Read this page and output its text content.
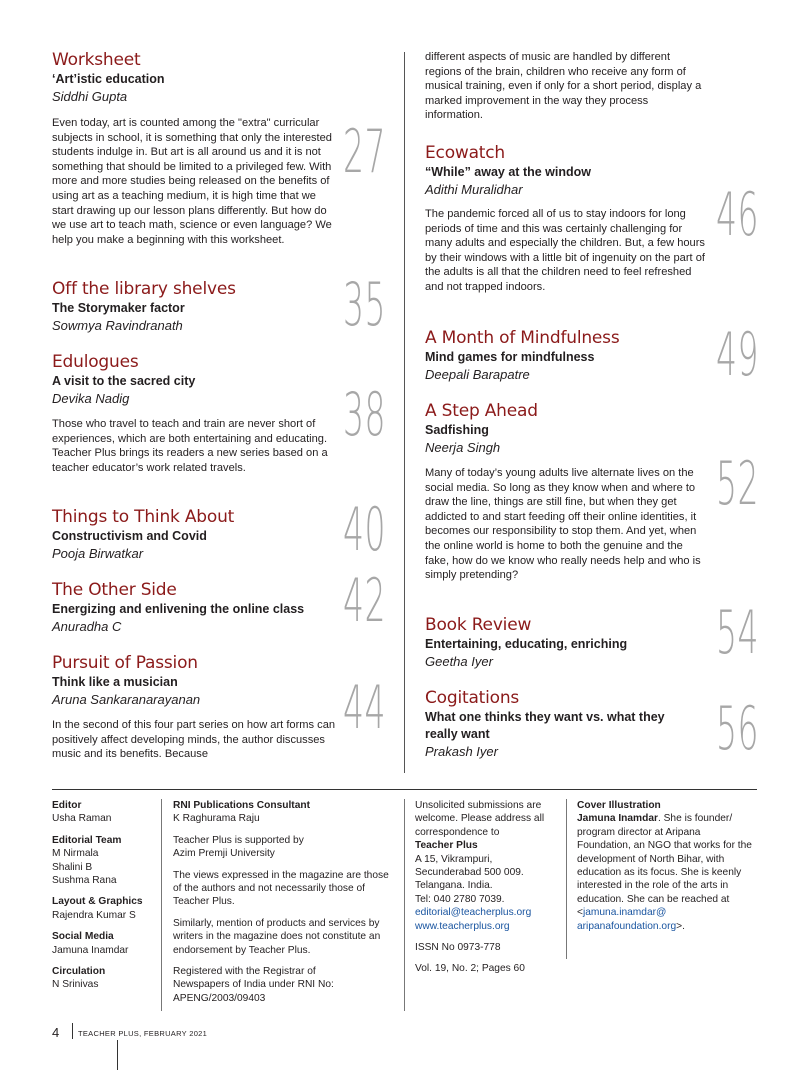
Worksheet
‘Art’istic education
Siddhi Gupta
Even today, art is counted among the "extra" curricular subjects in school, it is something that only the interested students indulge in. But art is all around us and it is not something that should be limited to a privileged few. With more and more studies being released on the benefits of using art as a teaching medium, it is high time that we start drawing up our lesson plans differently. But how do we use art to teach math, science or even language? We help you make a beginning with this worksheet.
Off the library shelves
The Storymaker factor
Sowmya Ravindranath
Edulogues
A visit to the sacred city
Devika Nadig
Those who travel to teach and train are never short of experiences, which are both entertaining and educating. Teacher Plus brings its readers a new series based on a teacher educator’s work related travels.
Things to Think About
Constructivism and Covid
Pooja Birwatkar
The Other Side
Energizing and enlivening the online class
Anuradha C
Pursuit of Passion
Think like a musician
Aruna Sankaranarayanan
In the second of this four part series on how art forms can positively affect developing minds, the author discusses music and its benefits. Because
27
35
38
40
42
44
different aspects of music are handled by different regions of the brain, children who receive any form of musical training, even if only for a short period, display a marked improvement in the way they process information.
Ecowatch
“While” away at the window
Adithi Muralidhar
The pandemic forced all of us to stay indoors for long periods of time and this was certainly challenging for many adults and especially the children. But, a few hours by their windows with a little bit of ingenuity on the part of the adults is all that the children need to feel refreshed and not trapped indoors.
A Month of Mindfulness
Mind games for mindfulness
Deepali Barapatre
A Step Ahead
Sadfishing
Neerja Singh
Many of today’s young adults live alternate lives on the social media. So long as they know when and where to draw the line, things are still fine, but when they get addicted to and start feeding off their online identities, it becomes our responsibility to stop them. And yet, when the online world is home to both the genuine and the fake, how do we know who really needs help and who is simply pretending?
Book Review
Entertaining, educating, enriching
Geetha Iyer
Cogitations
What one thinks they want vs. what they really want
Prakash Iyer
46
49
52
54
56
Editor
Usha Raman
Editorial Team
M Nirmala
Shalini B
Sushma Rana
Layout & Graphics
Rajendra Kumar S
Social Media
Jamuna Inamdar
Circulation
N Srinivas
RNI Publications Consultant
K Raghurama Raju
Teacher Plus is supported by Azim Premji University
The views expressed in the magazine are those of the authors and not necessarily those of Teacher Plus.
Similarly, mention of products and services by writers in the magazine does not constitute an endorsement by Teacher Plus.
Registered with the Registrar of Newspapers of India under RNI No: APENG/2003/09403
Unsolicited submissions are welcome. Please address all correspondence to
Teacher Plus
A 15, Vikrampuri,
Secunderabad 500 009.
Telangana. India.
Tel: 040 2780 7039.
editorial@teacherplus.org
www.teacherplus.org
ISSN No 0973-778
Vol. 19, No. 2; Pages 60
Cover Illustration
Jamuna Inamdar. She is founder/ program director at Aripana Foundation, an NGO that works for the development of North Bihar, with education as its focus. She is keenly interested in the role of the arts in education. She can be reached at <jamuna.inamdar@ aripanafoundation.org>.
4	TEACHER PLUS, FEBRUARY 2021
